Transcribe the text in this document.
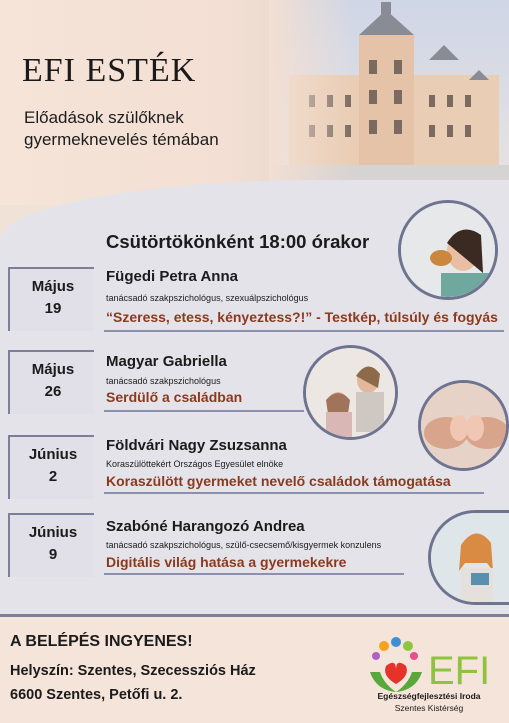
EFI ESTÉK
Előadások szülőknek
gyermeknevelés témában
Csütörtökönként 18:00 órakor
Május
19
Fügedi Petra Anna
tanácsadó szakpszichológus, szexuálpszichológus
“Szeress, etess, kényeztess?!” - Testkép, túlsúly és fogyás
Május
26
Magyar Gabriella
tanácsadó szakpszichológus
Serdülő a családban
Június
2
Földvári Nagy Zsuzsanna
Koraszülöttekért Országos Egyesület elnöke
Koraszülött gyermeket nevelő családok támogatása
Június
9
Szabóné Harangozó Andrea
tanácsadó szakpszichológus, szülő-csecsemő/kisgyermek konzulens
Digitális világ hatása a gyermekekre
A BELÉPÉS INGYENES!
Helyszín: Szentes, Szecessziós Ház
6600 Szentes, Petőfi u. 2.
EFI
Egészségfejlesztési Iroda
Szentes Kistérség
